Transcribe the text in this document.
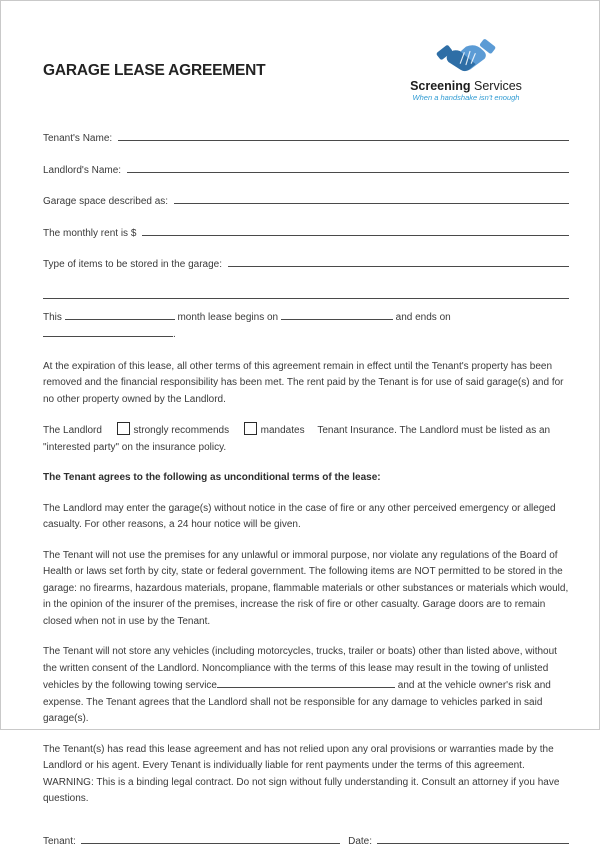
GARAGE LEASE AGREEMENT
Screening Services
When a handshake isn't enough
Tenant's Name:
Landlord's Name:
Garage space described as:
The monthly rent is $
Type of items to be stored in the garage:

This	month lease begins on	and ends on .

At the expiration of this lease, all other terms of this agreement remain in effect until the Tenant's property has been removed and the financial responsibility has been met. The rent paid by the Tenant is for use of said garage(s) and for no other property owned by the Landlord.

The Landlord	strongly recommends	mandates Tenant Insurance. The Landlord must be listed as an "interested party" on the insurance policy.

The Tenant agrees to the following as unconditional terms of the lease:

The Landlord may enter the garage(s) without notice in the case of fire or any other perceived emergency or alleged casualty. For other reasons, a 24 hour notice will be given.

The Tenant will not use the premises for any unlawful or immoral purpose, nor violate any regulations of the Board of Health or laws set forth by city, state or federal government. The following items are NOT permitted to be stored in the garage: no firearms, hazardous materials, propane, flammable materials or other substances or materials which would, in the opinion of the insurer of the premises, increase the risk of fire or other casualty. Garage doors are to remain closed when not in use by the Tenant.

The Tenant will not store any vehicles (including motorcycles, trucks, trailer or boats) other than listed above, without the written consent of the Landlord. Noncompliance with the terms of this lease may result in the towing of unlisted vehicles by the following towing service	and at the vehicle owner's risk and expense. The Tenant agrees that the Landlord shall not be responsible for any damage to vehicles parked in said garage(s).

The Tenant(s) has read this lease agreement and has not relied upon any oral provisions or warranties made by the Landlord or his agent. Every Tenant is individually liable for rent payments under the terms of this agreement. WARNING: This is a binding legal contract. Do not sign without fully understanding it. Consult an attorney if you have questions.

Tenant:	Date:
